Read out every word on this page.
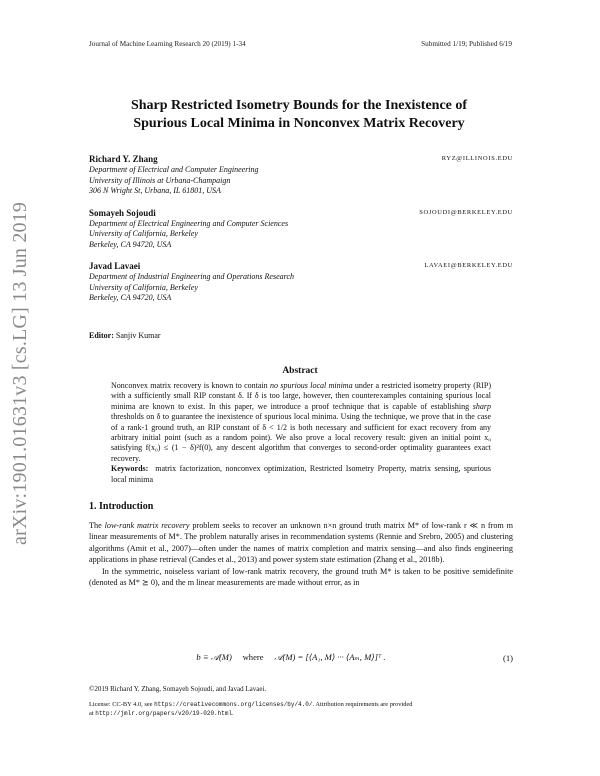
arXiv:1901.01631v3 [cs.LG] 13 Jun 2019
Journal of Machine Learning Research 20 (2019) 1-34	Submitted 1/19; Published 6/19
Sharp Restricted Isometry Bounds for the Inexistence of
Spurious Local Minima in Nonconvex Matrix Recovery
Richard Y. Zhang	RYZ@ILLINOIS.EDU
Department of Electrical and Computer Engineering
University of Illinois at Urbana-Champaign
306 N Wright St, Urbana, IL 61801, USA
Somayeh Sojoudi	SOJOUDI@BERKELEY.EDU
Department of Electrical Engineering and Computer Sciences
University of California, Berkeley
Berkeley, CA 94720, USA
Javad Lavaei	LAVAEI@BERKELEY.EDU
Department of Industrial Engineering and Operations Research
University of California, Berkeley
Berkeley, CA 94720, USA
Editor: Sanjiv Kumar
Abstract

Nonconvex matrix recovery is known to contain no spurious local minima under a restricted isometry property (RIP) with a sufficiently small RIP constant δ. If δ is too large, however, then counterexamples containing spurious local minima are known to exist. In this paper, we introduce a proof technique that is capable of establishing sharp thresholds on δ to guarantee the inexistence of spurious local minima. Using the technique, we prove that in the case of a rank-1 ground truth, an RIP constant of δ < 1/2 is both necessary and sufficient for exact recovery from any arbitrary initial point (such as a random point). We also prove a local recovery result: given an initial point x₀ satisfying f(x₀) ≤ (1 − δ)²f(0), any descent algorithm that converges to second-order optimality guarantees exact recovery.

Keywords: matrix factorization, nonconvex optimization, Restricted Isometry Property, matrix sensing, spurious local minima

1. Introduction

The low-rank matrix recovery problem seeks to recover an unknown n×n ground truth matrix M* of low-rank r ≪ n from m linear measurements of M*. The problem naturally arises in recommendation systems (Rennie and Srebro, 2005) and clustering algorithms (Amit et al., 2007)—often under the names of matrix completion and matrix sensing—and also finds engineering applications in phase retrieval (Candes et al., 2013) and power system state estimation (Zhang et al., 2018b).

In the symmetric, noiseless variant of low-rank matrix recovery, the ground truth M* is taken to be positive semidefinite (denoted as M* ⪰ 0), and the m linear measurements are made without error, as in

b ≡ 𝒜(M) where 𝒜(M) = [⟨A₁, M⟩ ··· ⟨Aₘ, M⟩]ᵀ .	(1)
©2019 Richard Y. Zhang, Somayeh Sojoudi, and Javad Lavaei.
License: CC-BY 4.0, see https://creativecommons.org/licenses/by/4.0/. Attribution requirements are provided
at http://jmlr.org/papers/v20/19-020.html.
